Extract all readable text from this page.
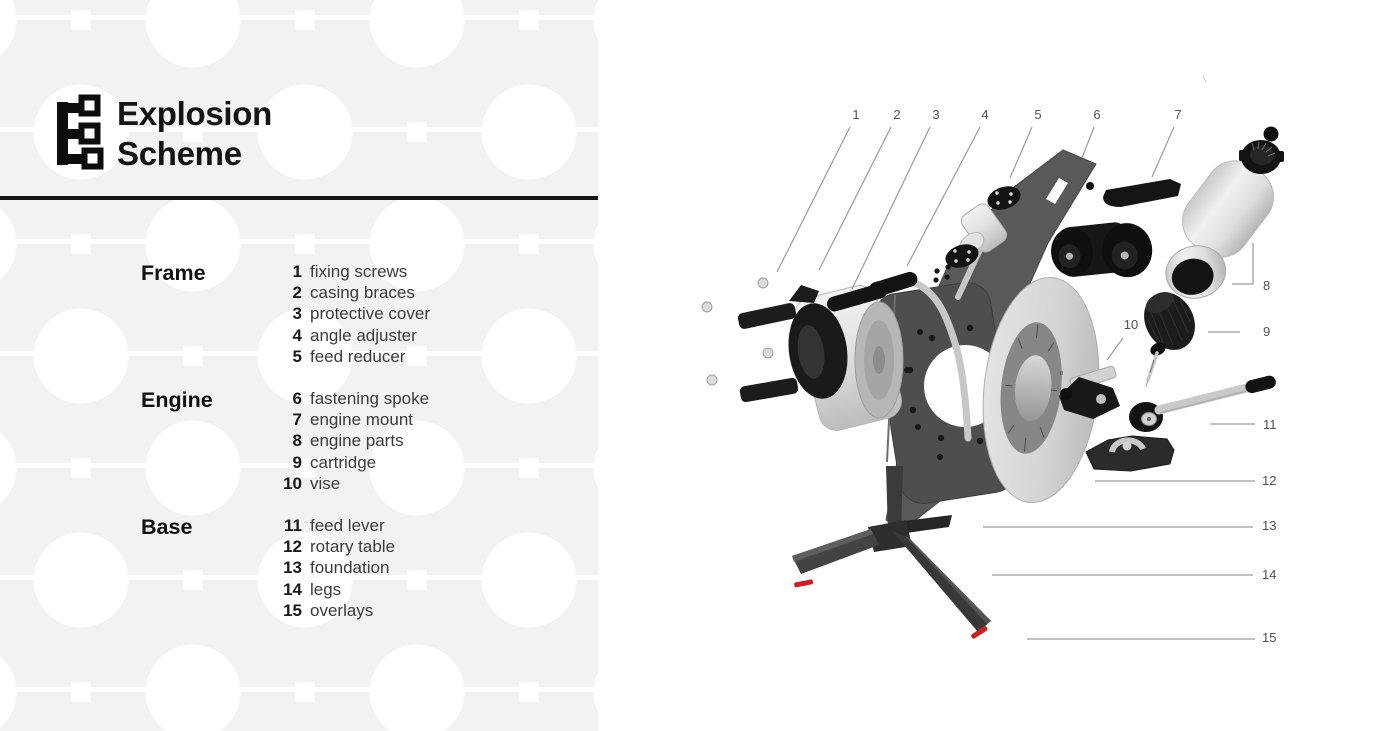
Explosion
Scheme
Frame	1 fixing screws
2 casing braces
3 protective cover
4 angle adjuster
5 feed reducer
Engine	6 fastening spoke
7 engine mount
8 engine parts
9 cartridge
10 vise
Base	11 feed lever
12 rotary table
13 foundation
14 legs
15 overlays
8
1	2 3	4	5	6	7
8
9
10
11
12
13
14
15
